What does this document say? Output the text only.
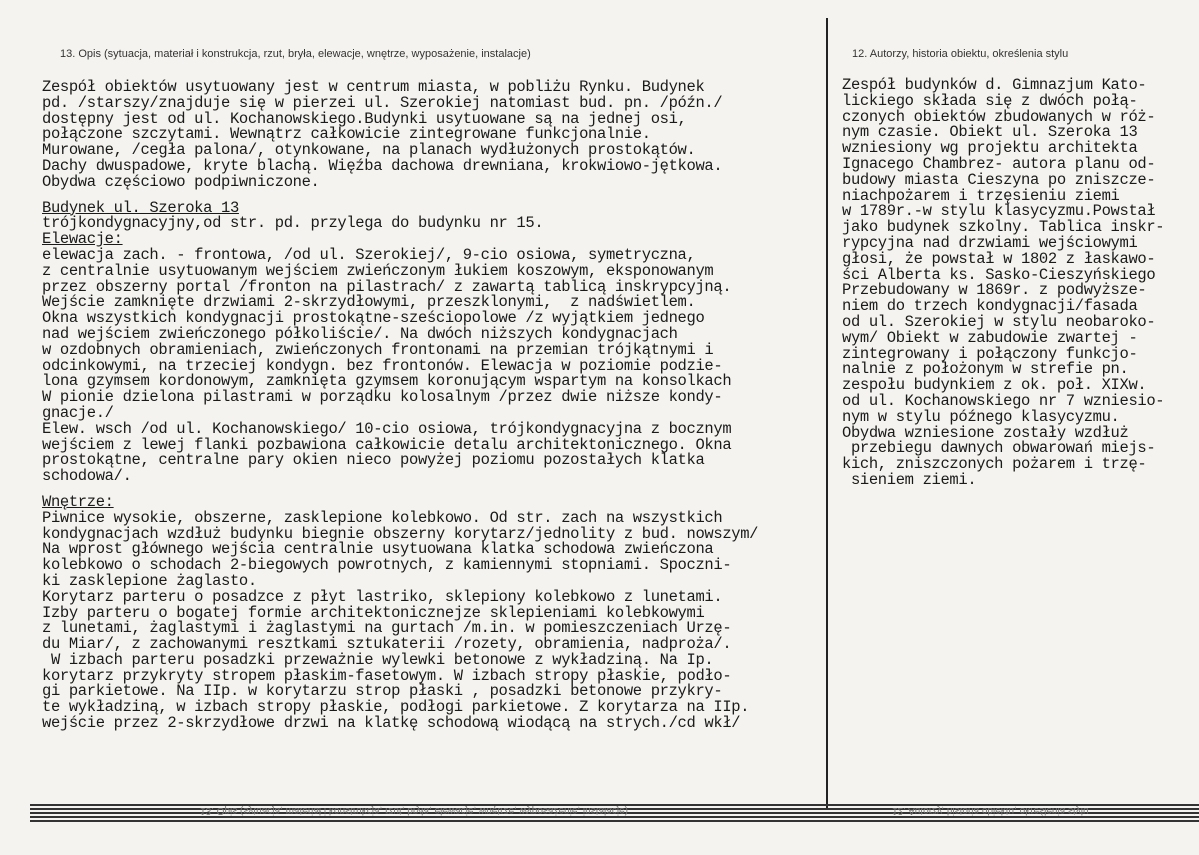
13. Opis (sytuacja, materiał i konstrukcja, rzut, bryła, elewacje, wnętrze, wyposażenie, instalacje)	12. Autorzy, historia obiektu, określenia stylu
Zespół obiektów usytuowany jest w centrum miasta, w pobliżu Rynku. Budynek
pd. /starszy/znajduje się w pierzei ul. Szerokiej natomiast bud. pn. /późn./
dostępny jest od ul. Kochanowskiego.Budynki usytuowane są na jednej osi,
połączone szczytami. Wewnątrz całkowicie zintegrowane funkcjonalnie.
Murowane, /cegła palona/, otynkowane, na planach wydłużonych prostokątów.
Dachy dwuspadowe, kryte blachą. Więźba dachowa drewniana, krokwiowo-jętkowa.
Obydwa częściowo podpiwniczone.
Budynek ul. Szeroka 13
trójkondygnacyjny,od str. pd. przylega do budynku nr 15.
Elewacje:
elewacja zach. - frontowa, /od ul. Szerokiej/, 9-cio osiowa, symetryczna,
z centralnie usytuowanym wejściem zwieńczonym łukiem koszowym, eksponowanym
przez obszerny portal /fronton na pilastrach/ z zawartą tablicą inskrypcyjną.
Wejście zamknięte drzwiami 2-skrzydłowymi, przeszklonymi,  z nadświetlem.
Okna wszystkich kondygnacji prostokątne-sześciopolowe /z wyjątkiem jednego
nad wejściem zwieńczonego półkoliście/. Na dwóch niższych kondygnacjach
w ozdobnych obramieniach, zwieńczonych frontonami na przemian trójkątnymi i
odcinkowymi, na trzeciej kondygn. bez frontonów. Elewacja w poziomie podzie-
lona gzymsem kordonowym, zamknięta gzymsem koronującym wspartym na konsolkach
W pionie dzielona pilastrami w porządku kolosalnym /przez dwie niższe kondy-
gnacje./
Elew. wsch /od ul. Kochanowskiego/ 10-cio osiowa, trójkondygnacyjna z bocznym
wejściem z lewej flanki pozbawiona całkowicie detalu architektonicznego. Okna
prostokątne, centralne pary okien nieco powyżej poziomu pozostałych klatka
schodowa/.
Wnętrze:
Piwnice wysokie, obszerne, zasklepione kolebkowo. Od str. zach na wszystkich
kondygnacjach wzdłuż budynku biegnie obszerny korytarz/jednolity z bud. nowszym/
Na wprost głównego wejścia centralnie usytuowana klatka schodowa zwieńczona
kolebkowo o schodach 2-biegowych powrotnych, z kamiennymi stopniami. Spoczni-
ki zasklepione żaglasto.
Korytarz parteru o posadzce z płyt lastriko, sklepiony kolebkowo z lunetami.
Izby parteru o bogatej formie architektonicznejze sklepieniami kolebkowymi
z lunetami, żaglastymi i żaglastymi na gurtach /m.in. w pomieszczeniach Urzę-
du Miar/, z zachowanymi resztkami sztukaterii /rozety, obramienia, nadproża/.
W izbach parteru posadzki przeważnie wylewki betonowe z wykładziną. Na Ip.
korytarz przykryty stropem płaskim-fasetowym. W izbach stropy płaskie, podło-
gi parkietowe. Na IIp. w korytarzu strop płaski , posadzki betonowe przykry-
te wykładziną, w izbach stropy płaskie, podłogi parkietowe. Z korytarza na IIp.
wejście przez 2-skrzydłowe drzwi na klatkę schodową wiodącą na strych./cd wkł/
Zespół budynków d. Gimnazjum Kato-
lickiego składa się z dwóch połą-
czonych obiektów zbudowanych w róż-
nym czasie. Obiekt ul. Szeroka 13
wzniesiony wg projektu architekta
Ignacego Chambrez- autora planu od-
budowy miasta Cieszyna po zniszcze-
niachpożarem i trzęsieniu ziemi
w 1789r.-w stylu klasycyzmu.Powstał
jako budynek szkolny. Tablica inskr-
rypcyjna nad drzwiami wejściowymi
głosi, że powstał w 1802 z łaskawo-
ści Alberta ks. Sasko-Cieszyńskiego
Przebudowany w 1869r. z podwyższe-
niem do trzech kondygnacji/fasada
od ul. Szerokiej w stylu neobaroko-
wym/ Obiekt w zabudowie zwartej -
zintegrowany i połączony funkcjo-
nalnie z położonym w strefie pn.
zespołu budynkiem z ok. poł. XIXw.
od ul. Kochanowskiego nr 7 wzniesio-
nym w stylu późnego klasycyzmu.
Obydwa wzniesione zostały wzdłuż
przebiegu dawnych obwarowań miejs-
kich, zniszczonych pożarem i trzę-
sieniem ziemi.
13. Opis (sytuacja, materiał i konstrukcja, rzut, bryła, elewacje, wnętrze, wyposażenie, instalacje)	12. Autorzy, historia obiektu, określenia stylu
